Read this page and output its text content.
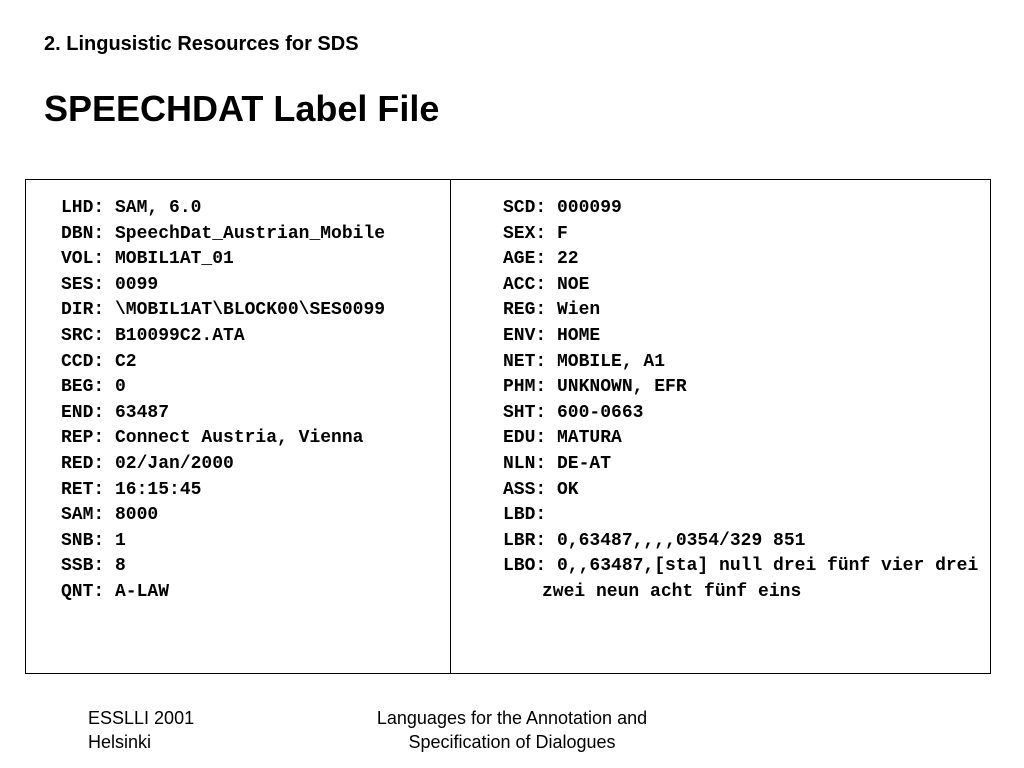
2. Lingusistic Resources for SDS
SPEECHDAT Label File
LHD: SAM, 6.0
DBN: SpeechDat_Austrian_Mobile
VOL: MOBIL1AT_01
SES: 0099
DIR: \MOBIL1AT\BLOCK00\SES0099
SRC: B10099C2.ATA
CCD: C2
BEG: 0
END: 63487
REP: Connect Austria, Vienna
RED: 02/Jan/2000
RET: 16:15:45
SAM: 8000
SNB: 1
SSB: 8
QNT: A-LAW
SCD: 000099
SEX: F
AGE: 22
ACC: NOE
REG: Wien
ENV: HOME
NET: MOBILE, A1
PHM: UNKNOWN, EFR
SHT: 600-0663
EDU: MATURA
NLN: DE-AT
ASS: OK
LBD:
LBR: 0,63487,,,,0354/329 851
LBO: 0,,63487,[sta] null drei fünf vier drei zwei neun acht fünf eins
ESSLLI 2001
Helsinki
Languages for the Annotation and
Specification of Dialogues
